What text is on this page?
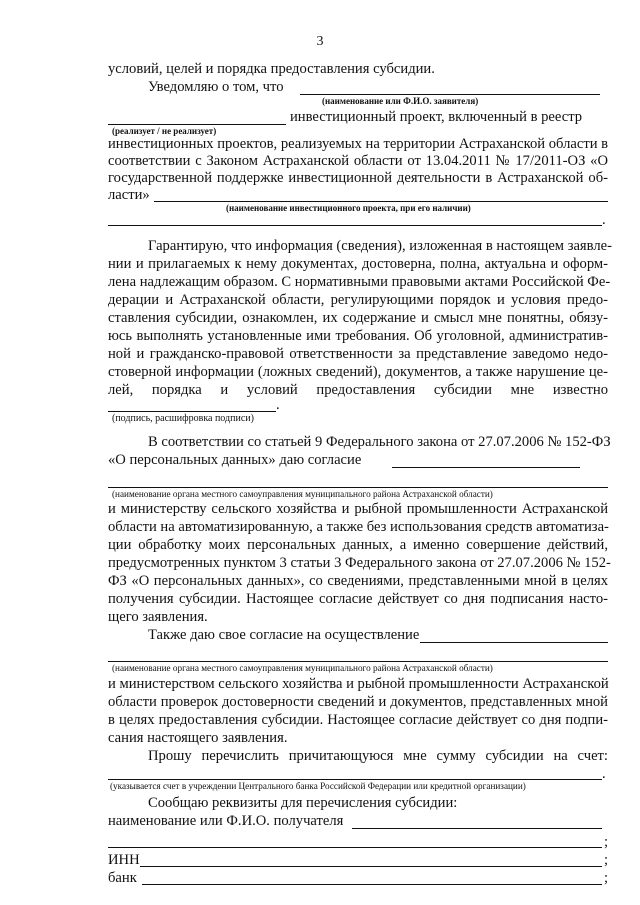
3
условий, целей и порядка предоставления субсидии.
Уведомляю о том, что
(наименование или Ф.И.О. заявителя)
инвестиционный проект, включенный в реестр
(реализует / не реализует)
инвестиционных проектов, реализуемых на территории Астраханской области в
соответствии с Законом Астраханской области от 13.04.2011 № 17/2011-ОЗ «О
государственной поддержке инвестиционной деятельности в Астраханской об-
ласти»
(наименование инвестиционного проекта, при его наличии)
.
Гарантирую, что информация (сведения), изложенная в настоящем заявле-
нии и прилагаемых к нему документах, достоверна, полна, актуальна и оформ-
лена надлежащим образом. С нормативными правовыми актами Российской Фе-
дерации и Астраханской области, регулирующими порядок и условия предо-
ставления субсидии, ознакомлен, их содержание и смысл мне понятны, обязу-
юсь выполнять установленные ими требования. Об уголовной, административ-
ной и гражданско-правовой ответственности за представление заведомо недо-
стоверной информации (ложных сведений), документов, а также нарушение це-
лей, порядка и условий предоставления субсидии мне известно
.
(подпись, расшифровка подписи)
В соответствии со статьей 9 Федерального закона от 27.07.2006 № 152-ФЗ
«О персональных данных» даю согласие
(наименование органа местного самоуправления муниципального района Астраханской области)
и министерству сельского хозяйства и рыбной промышленности Астраханской
области на автоматизированную, а также без использования средств автоматиза-
ции обработку моих персональных данных, а именно совершение действий,
предусмотренных пунктом 3 статьи 3 Федерального закона от 27.07.2006 № 152-
ФЗ «О персональных данных», со сведениями, представленными мной в целях
получения субсидии. Настоящее согласие действует со дня подписания насто-
щего заявления.
Также даю свое согласие на осуществление
(наименование органа местного самоуправления муниципального района Астраханской области)
и министерством сельского хозяйства и рыбной промышленности Астраханской
области проверок достоверности сведений и документов, представленных мной
в целях предоставления субсидии. Настоящее согласие действует со дня подпи-
сания настоящего заявления.
Прошу перечислить причитающуюся мне сумму субсидии на счет:
.
(указывается счет в учреждении Центрального банка Российской Федерации или кредитной организации)
Сообщаю реквизиты для перечисления субсидии:
наименование или Ф.И.О. получателя
;
ИНН	;
банк	;
